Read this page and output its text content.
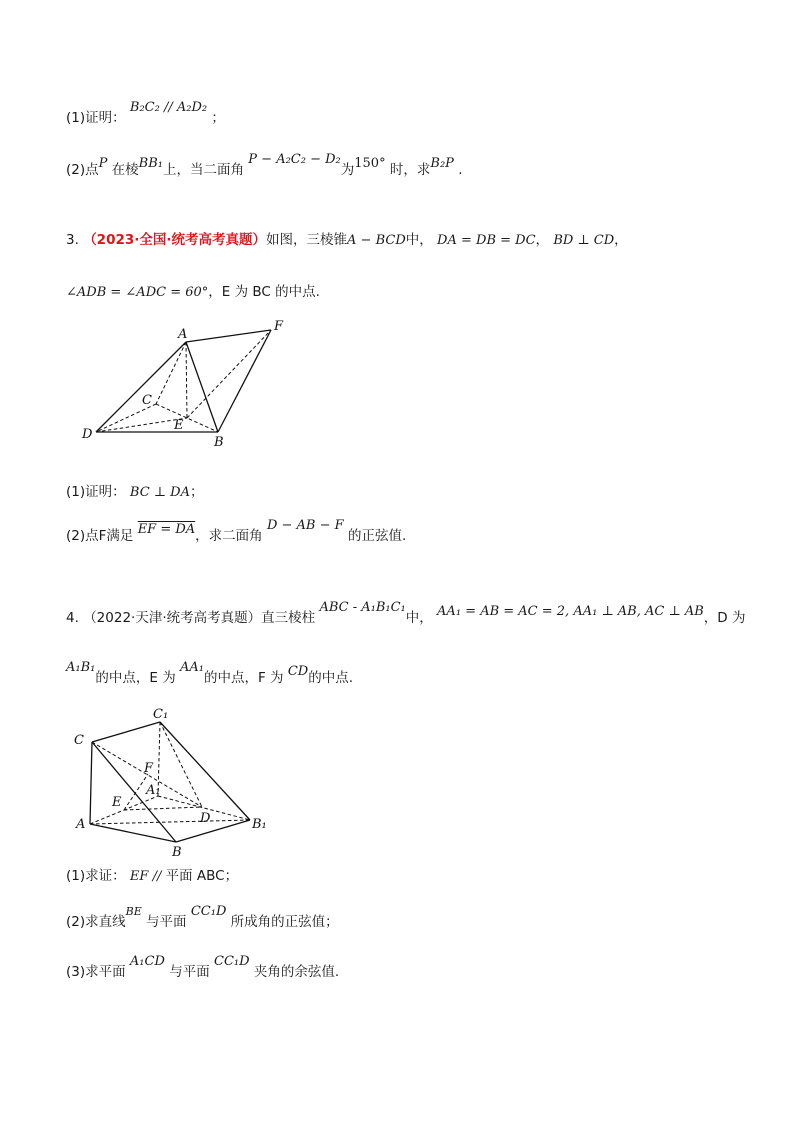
(1)证明： B₂C₂ // A₂D₂ ；
(2)点P 在棱BB₁上，当二面角 P − A₂C₂ − D₂为150° 时，求B₂P .
3. （2023·全国·统考高考真题）如图，三棱锥A − BCD中， DA = DB = DC， BD ⊥ CD，
∠ADB = ∠ADC = 60°，E 为 BC 的中点.
A
F
C
E
D
B
(1)证明： BC ⊥ DA；
(2)点F满足 EF = DA，求二面角 D − AB − F 的正弦值.
4. （2022·天津·统考高考真题）直三棱柱 ABC - A₁B₁C₁中， AA₁ = AB = AC = 2, AA₁ ⊥ AB, AC ⊥ AB，D 为
A₁B₁的中点，E 为 AA₁的中点，F 为 CD的中点.
C₁
C
F
A₁
E
D
A	B₁
B
(1)求证： EF // 平面 ABC；
(2)求直线$^{BE}$ 与平面 CC₁D 所成角的正弦值；
(3)求平面 A₁CD 与平面 CC₁D 夹角的余弦值.
